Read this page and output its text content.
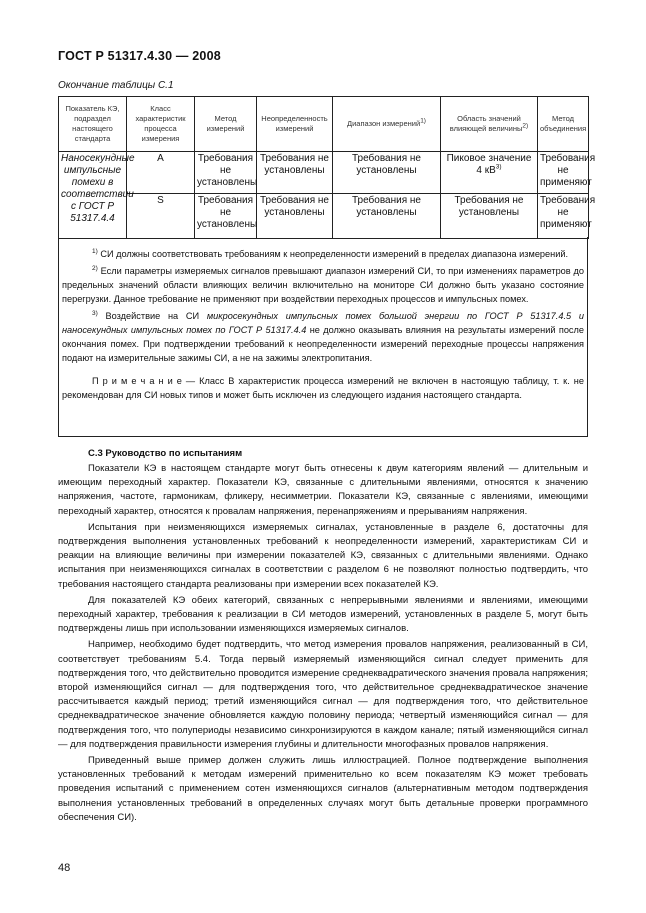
ГОСТ Р 51317.4.30 — 2008
Окончание таблицы С.1
Показатель КЭ, подраздел настоящего стандарта	Класс характеристик процесса измерения	Метод измерений	Неопределенность измерений	Диапазон измерений$^{1)}$	Область значений влияющей величины$^{2)}$	Метод объединения
Наносекундные импульсные помехи в соответствии с ГОСТ Р 51317.4.4	A	Требования не установлены	Требования не установлены	Требования не установлены	Пиковое значение 4 $кВ^{3)}$	Требования не применяют
	S	Требования не установлены	Требования не установлены	Требования не установлены	Требования не установлены	Требования не применяют

$^{1)}$ СИ должны соответствовать требованиям к неопределенности измерений в пределах диапазона измерений.

$^{2)}$ Если параметры измеряемых сигналов превышают диапазон измерений СИ, то при изменениях параметров до предельных значений области влияющих величин включительно на мониторе СИ должно быть указано состояние перегрузки. Данное требование не применяют при воздействии переходных процессов и импульсных помех.

$^{3)}$ Воздействие на СИ микросекундных импульсных помех большой энергии по ГОСТ Р 51317.4.5 и наносекундных импульсных помех по ГОСТ Р 51317.4.4 не должно оказывать влияния на результаты измерений после окончания помех. При подтверждении требований к неопределенности измерений переходные процессы напряжения подают на измерительные зажимы СИ, а не на зажимы электропитания.

П р и м е ч а н и е — Класс В характеристик процесса измерений не включен в настоящую таблицу, т. к. не рекомендован для СИ новых типов и может быть исключен из следующего издания настоящего стандарта.

С.3 Руководство по испытаниям

Показатели КЭ в настоящем стандарте могут быть отнесены к двум категориям явлений — длительным и имеющим переходный характер. Показатели КЭ, связанные с длительными явлениями, относятся к значению напряжения, частоте, гармоникам, фликеру, несимметрии. Показатели КЭ, связанные с явлениями, имеющими переходный характер, относятся к провалам напряжения, перенапряжениям и прерываниям напряжения.

Испытания при неизменяющихся измеряемых сигналах, установленные в разделе 6, достаточны для подтверждения выполнения установленных требований к неопределенности измерений, характеристикам СИ и реакции на влияющие величины при измерении показателей КЭ, связанных с длительными явлениями. Однако испытания при неизменяющихся сигналах в соответствии с разделом 6 не позволяют полностью подтвердить, что требования настоящего стандарта реализованы при измерении всех показателей КЭ.

Для показателей КЭ обеих категорий, связанных с непрерывными явлениями и явлениями, имеющими переходный характер, требования к реализации в СИ методов измерений, установленных в разделе 5, могут быть подтверждены лишь при использовании изменяющихся измеряемых сигналов.

Например, необходимо будет подтвердить, что метод измерения провалов напряжения, реализованный в СИ, соответствует требованиям 5.4. Тогда первый измеряемый изменяющийся сигнал следует применить для подтверждения того, что действительно проводится измерение среднеквадратического значения провала напряжения; второй изменяющийся сигнал — для подтверждения того, что действительное среднеквадратическое значение рассчитывается каждый период; третий изменяющийся сигнал — для подтверждения того, что действительное среднеквадратическое значение обновляется каждую половину периода; четвертый изменяющийся сигнал — для подтверждения того, что полупериоды независимо синхронизируются в каждом канале; пятый изменяющийся сигнал — для подтверждения правильности измерения глубины и длительности многофазных провалов напряжения.

Приведенный выше пример должен служить лишь иллюстрацией. Полное подтверждение выполнения установленных требований к методам измерений применительно ко всем показателям КЭ может требовать проведения испытаний с применением сотен изменяющихся сигналов (альтернативным методом подтверждения выполнения установленных требований в определенных случаях могут быть детальные проверки программного обеспечения СИ).

48
